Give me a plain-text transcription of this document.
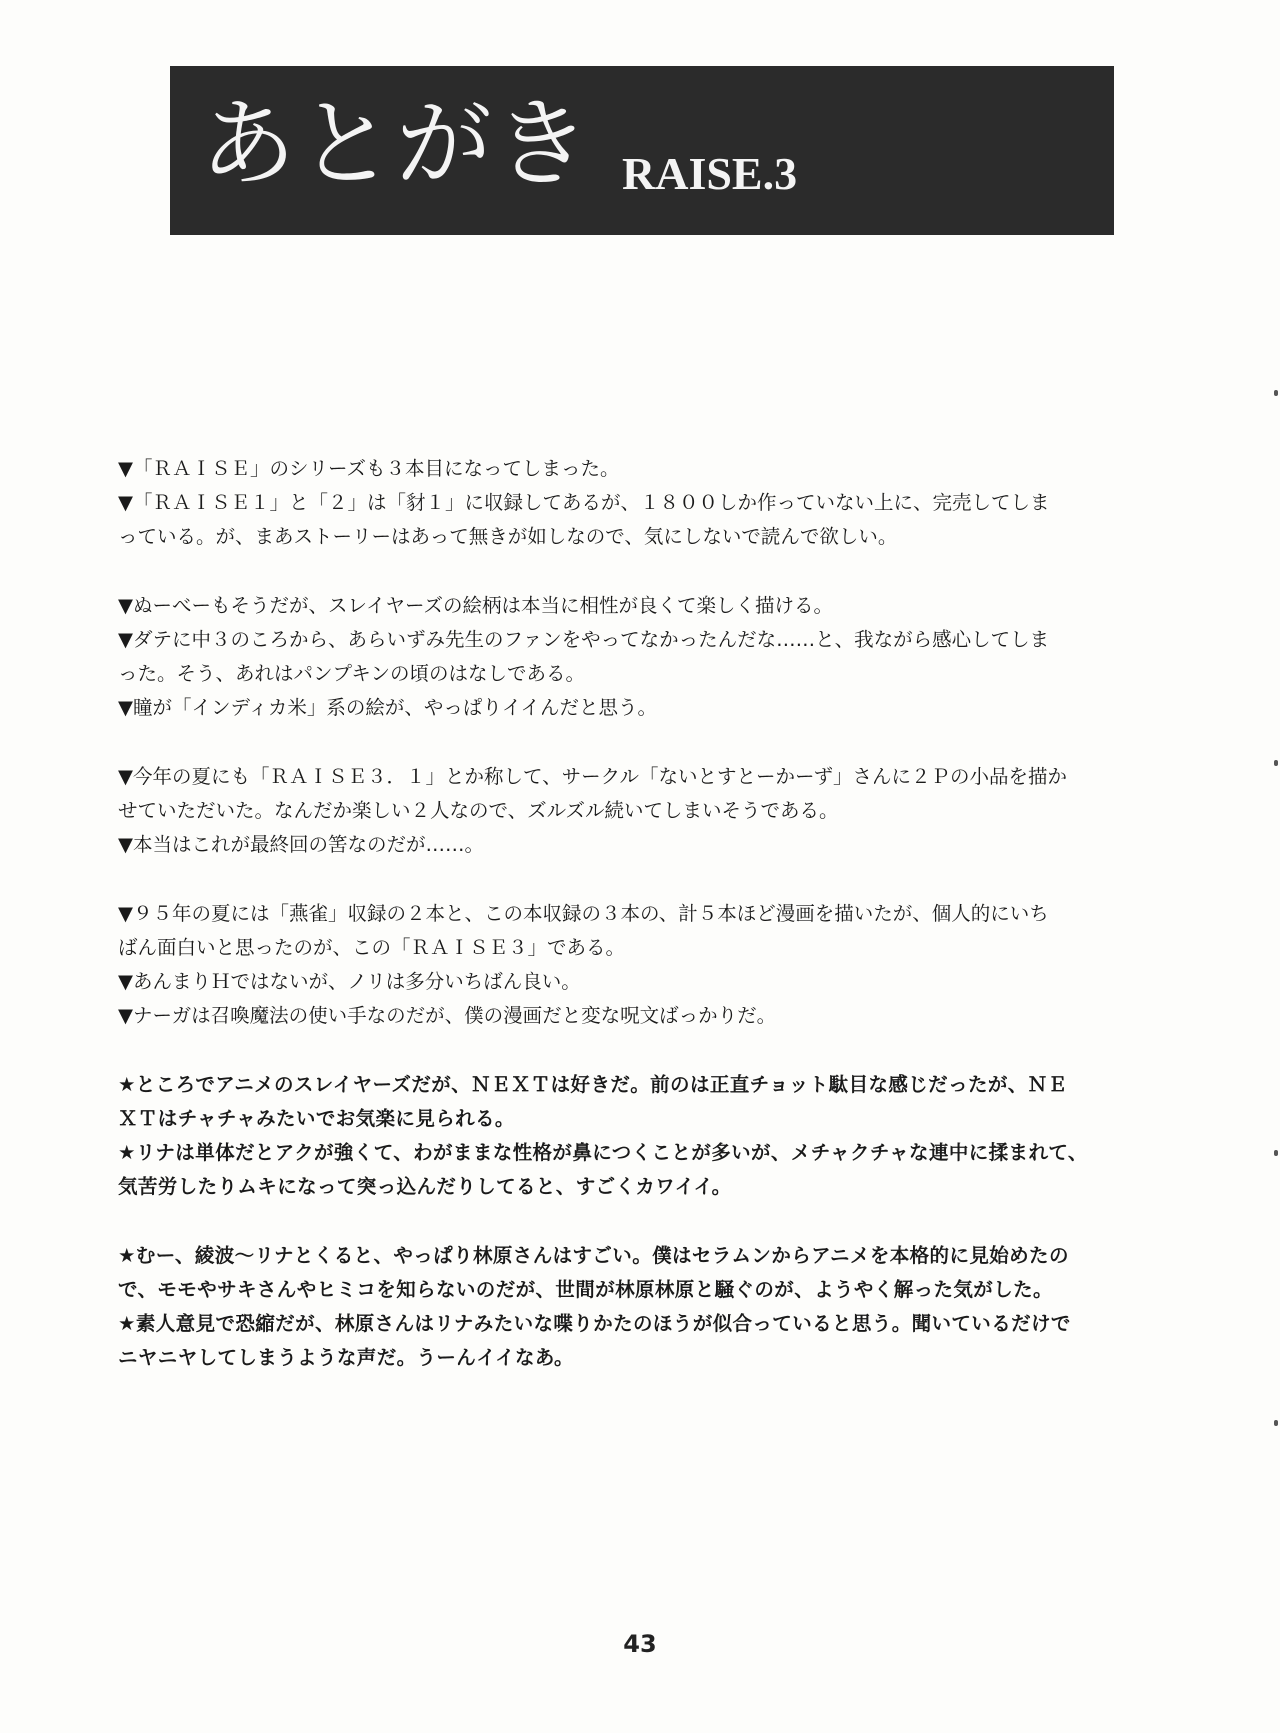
あとがき RAISE.3
▼「ＲＡＩＳＥ」のシリーズも３本目になってしまった。
▼「ＲＡＩＳＥ１」と「２」は「豺１」に収録してあるが、１８００しか作っていない上に、完売してしま
っている。が、まあストーリーはあって無きが如しなので、気にしないで読んで欲しい。
▼ぬーべーもそうだが、スレイヤーズの絵柄は本当に相性が良くて楽しく描ける。
▼ダテに中３のころから、あらいずみ先生のファンをやってなかったんだな……と、我ながら感心してしま
った。そう、あれはパンプキンの頃のはなしである。
▼瞳が「インディカ米」系の絵が、やっぱりイイんだと思う。
▼今年の夏にも「ＲＡＩＳＥ３．１」とか称して、サークル「ないとすとーかーず」さんに２Ｐの小品を描か
せていただいた。なんだか楽しい２人なので、ズルズル続いてしまいそうである。
▼本当はこれが最終回の筈なのだが……。
▼９５年の夏には「燕雀」収録の２本と、この本収録の３本の、計５本ほど漫画を描いたが、個人的にいち
ばん面白いと思ったのが、この「ＲＡＩＳＥ３」である。
▼あんまりＨではないが、ノリは多分いちばん良い。
▼ナーガは召喚魔法の使い手なのだが、僕の漫画だと変な呪文ばっかりだ。
★ところでアニメのスレイヤーズだが、ＮＥＸＴは好きだ。前のは正直チョット駄目な感じだったが、ＮＥ
ＸＴはチャチャみたいでお気楽に見られる。
★リナは単体だとアクが強くて、わがままな性格が鼻につくことが多いが、メチャクチャな連中に揉まれて、
気苦労したりムキになって突っ込んだりしてると、すごくカワイイ。
★むー、綾波～リナとくると、やっぱり林原さんはすごい。僕はセラムンからアニメを本格的に見始めたの
で、モモやサキさんやヒミコを知らないのだが、世間が林原林原と騒ぐのが、ようやく解った気がした。
★素人意見で恐縮だが、林原さんはリナみたいな喋りかたのほうが似合っていると思う。聞いているだけで
ニヤニヤしてしまうような声だ。うーんイイなあ。
43
